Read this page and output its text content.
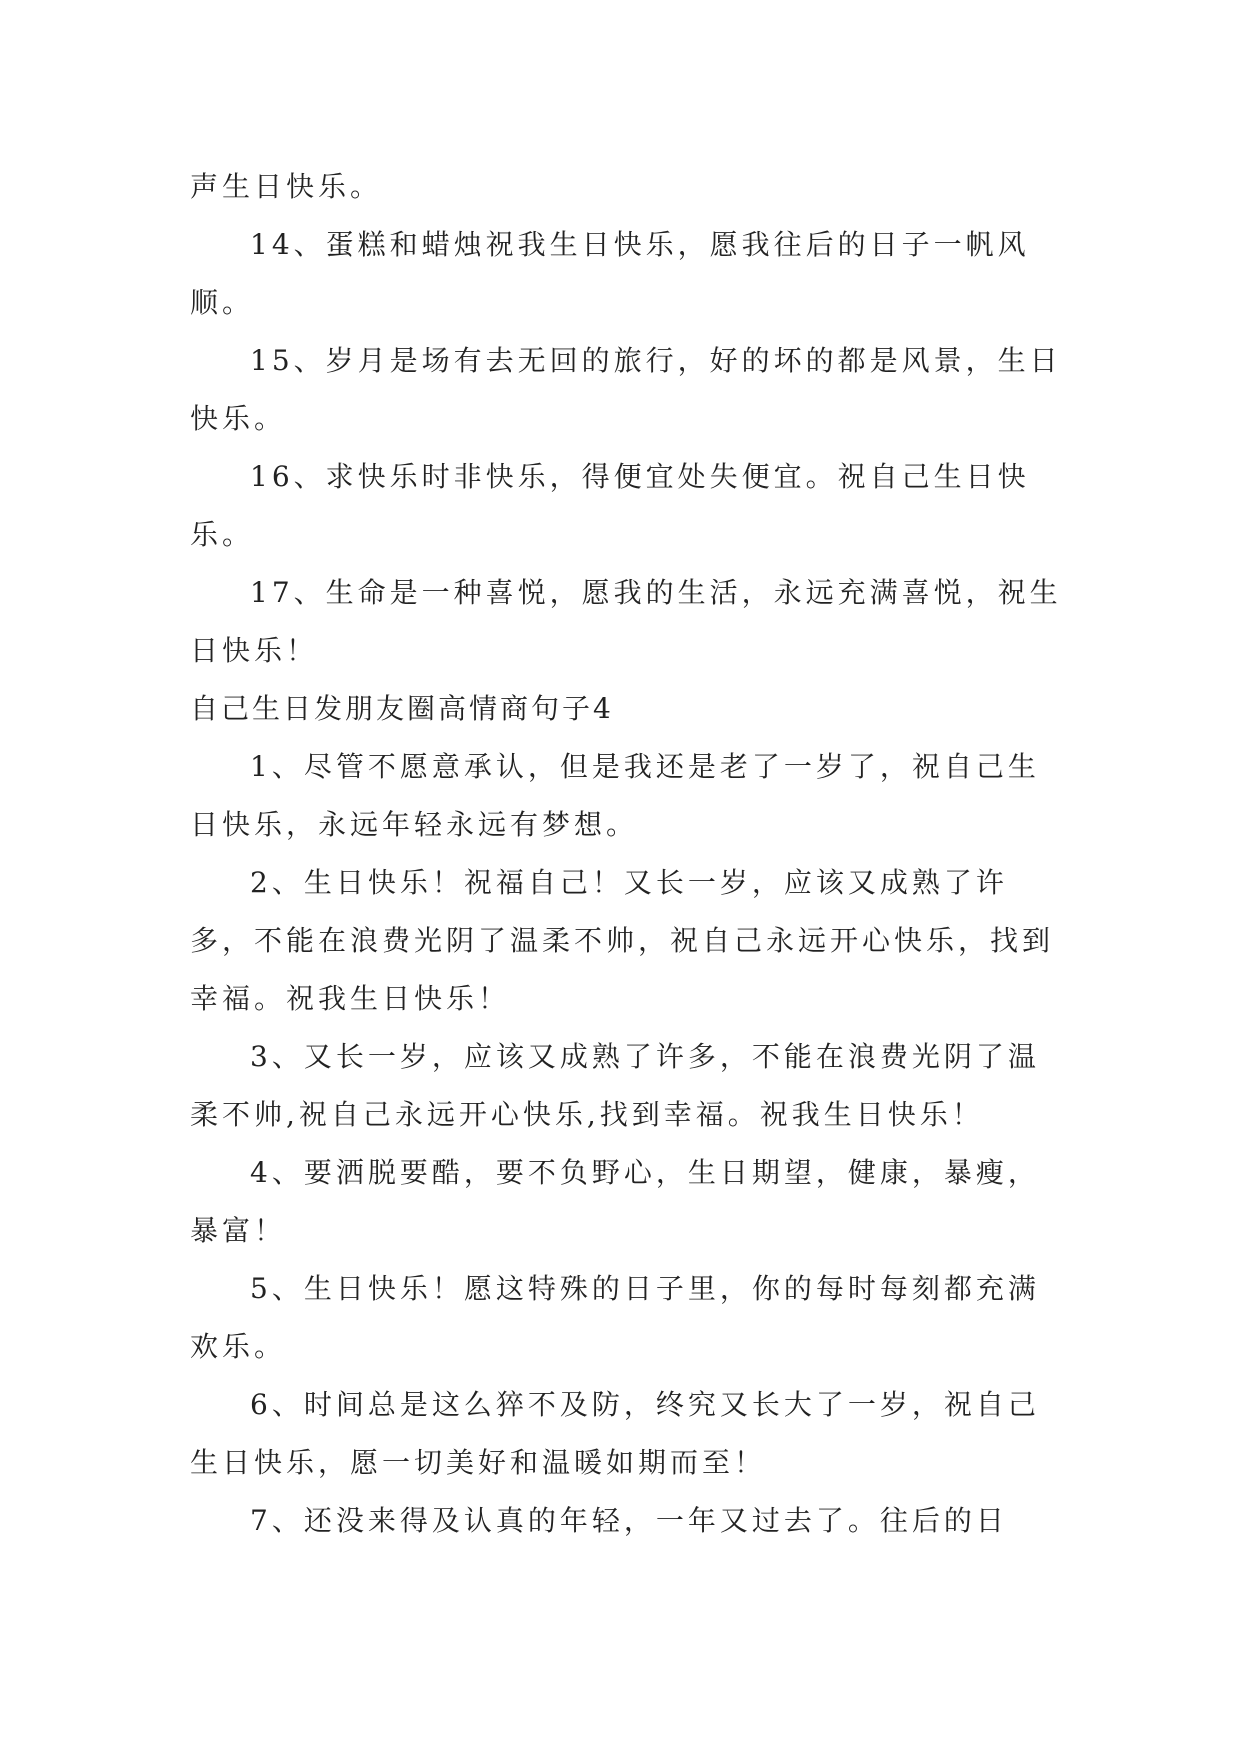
声生日快乐。

14、蛋糕和蜡烛祝我生日快乐，愿我往后的日子一帆风顺。

15、岁月是场有去无回的旅行，好的坏的都是风景，生日快乐。

16、求快乐时非快乐，得便宜处失便宜。祝自己生日快乐。

17、生命是一种喜悦，愿我的生活，永远充满喜悦，祝生日快乐！

自己生日发朋友圈高情商句子4

1、尽管不愿意承认，但是我还是老了一岁了，祝自己生日快乐，永远年轻永远有梦想。

2、生日快乐！祝福自己！又长一岁，应该又成熟了许多，不能在浪费光阴了温柔不帅，祝自己永远开心快乐，找到幸福。祝我生日快乐！

3、又长一岁，应该又成熟了许多，不能在浪费光阴了温柔不帅,祝自己永远开心快乐,找到幸福。祝我生日快乐！

4、要洒脱要酷，要不负野心，生日期望，健康，暴瘦，暴富！

5、生日快乐！愿这特殊的日子里，你的每时每刻都充满欢乐。

6、时间总是这么猝不及防，终究又长大了一岁，祝自己生日快乐，愿一切美好和温暖如期而至！

7、还没来得及认真的年轻，一年又过去了。往后的日
